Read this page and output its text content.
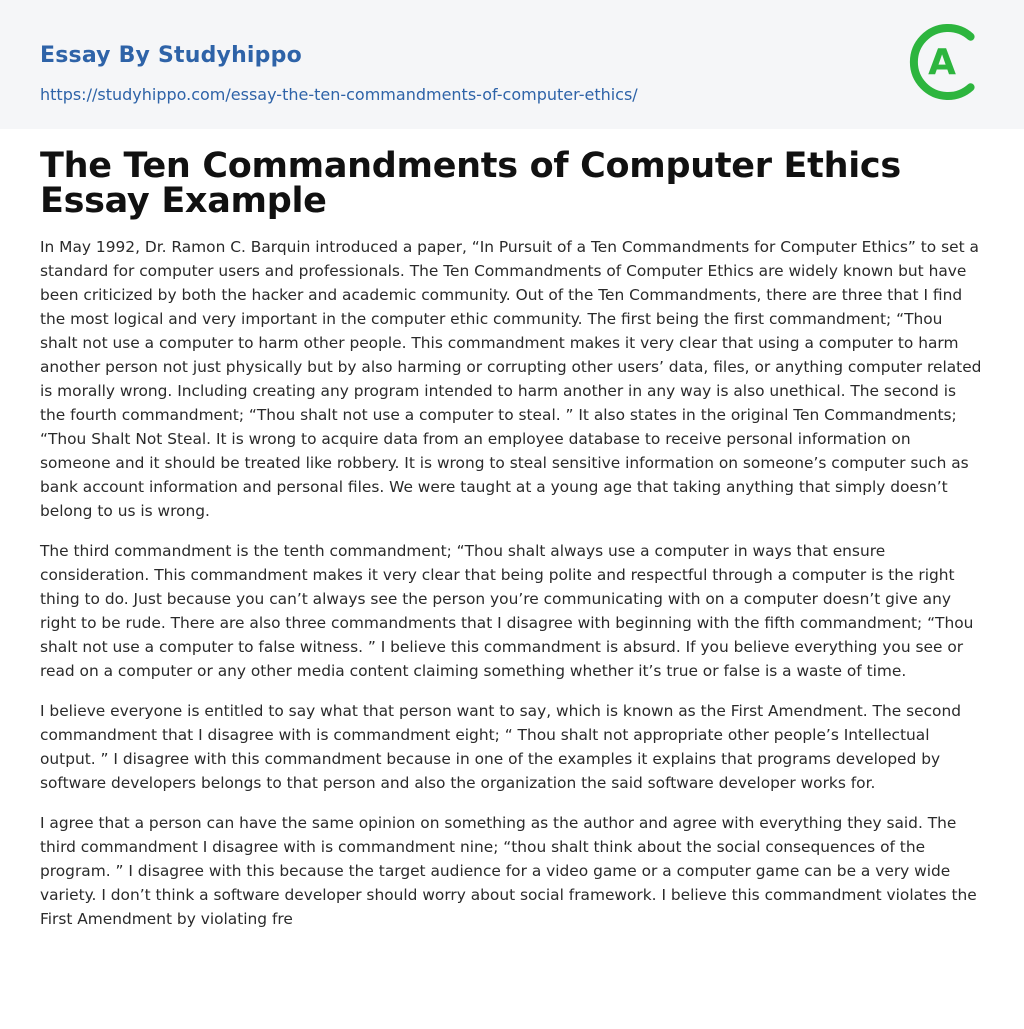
Essay By Studyhippo
https://studyhippo.com/essay-the-ten-commandments-of-computer-ethics/
A
The Ten Commandments of Computer Ethics Essay Example

In May 1992, Dr. Ramon C. Barquin introduced a paper, “In Pursuit of a Ten Commandments for Computer Ethics” to set a standard for computer users and professionals. The Ten Commandments of Computer Ethics are widely known but have been criticized by both the hacker and academic community. Out of the Ten Commandments, there are three that I find the most logical and very important in the computer ethic community. The first being the first commandment; “Thou shalt not use a computer to harm other people. This commandment makes it very clear that using a computer to harm another person not just physically but by also harming or corrupting other users’ data, files, or anything computer related is morally wrong. Including creating any program intended to harm another in any way is also unethical. The second is the fourth commandment; “Thou shalt not use a computer to steal. ” It also states in the original Ten Commandments; “Thou Shalt Not Steal. It is wrong to acquire data from an employee database to receive personal information on someone and it should be treated like robbery. It is wrong to steal sensitive information on someone’s computer such as bank account information and personal files. We were taught at a young age that taking anything that simply doesn’t belong to us is wrong.

The third commandment is the tenth commandment; “Thou shalt always use a computer in ways that ensure consideration. This commandment makes it very clear that being polite and respectful through a computer is the right thing to do. Just because you can’t always see the person you’re communicating with on a computer doesn’t give any right to be rude. There are also three commandments that I disagree with beginning with the fifth commandment; “Thou shalt not use a computer to false witness. ” I believe this commandment is absurd. If you believe everything you see or read on a computer or any other media content claiming something whether it’s true or false is a waste of time.

I believe everyone is entitled to say what that person want to say, which is known as the First Amendment. The second commandment that I disagree with is commandment eight; “ Thou shalt not appropriate other people’s Intellectual output. ” I disagree with this commandment because in one of the examples it explains that programs developed by software developers belongs to that person and also the organization the said software developer works for.

I agree that a person can have the same opinion on something as the author and agree with everything they said. The third commandment I disagree with is commandment nine; “thou shalt think about the social consequences of the program. ” I disagree with this because the target audience for a video game or a computer game can be a very wide variety. I don’t think a software developer should worry about social framework. I believe this commandment violates the First Amendment by violating fre
